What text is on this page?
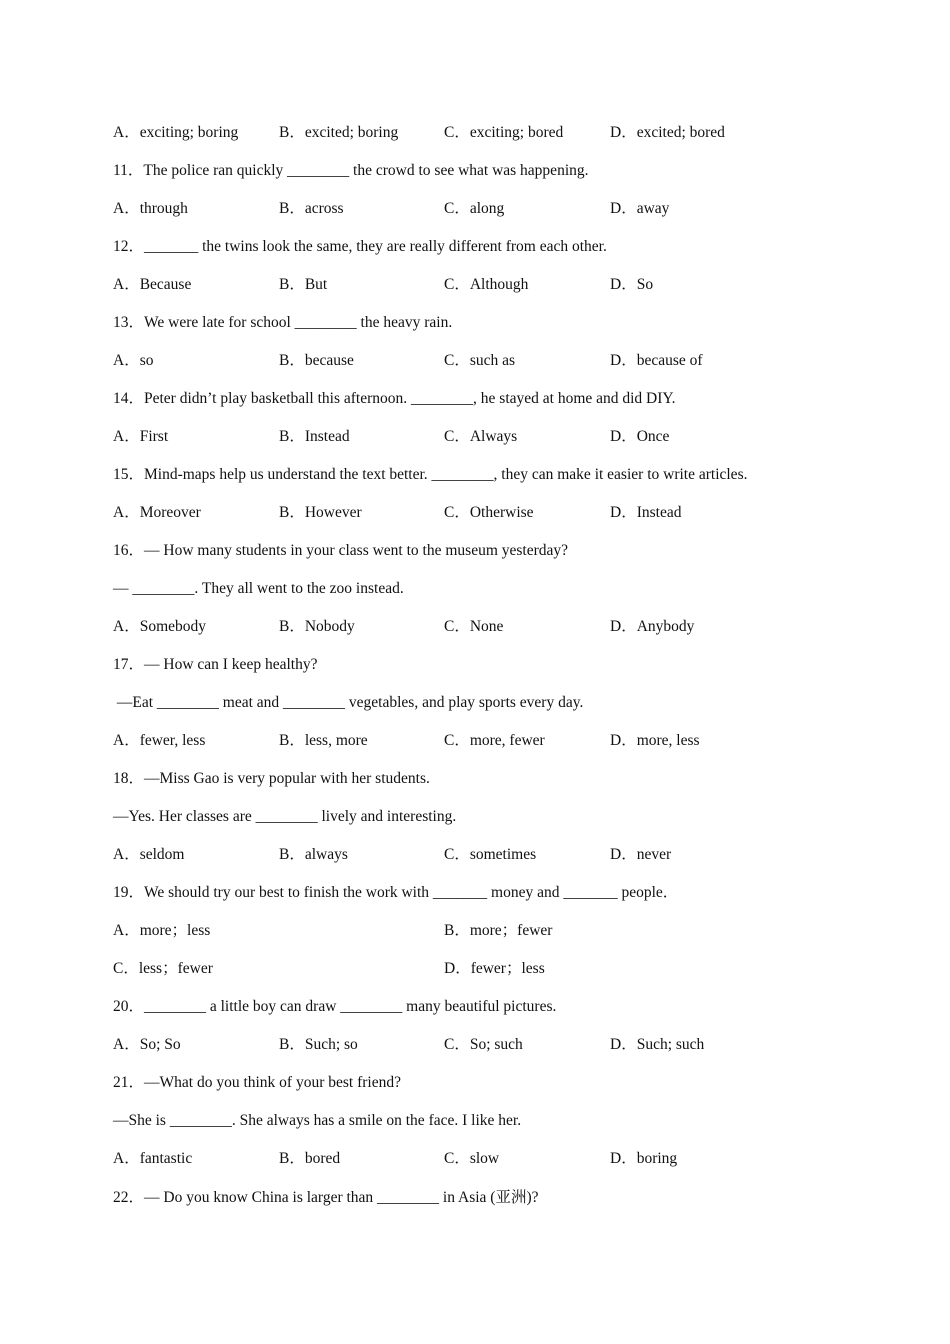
A．exciting; boring	B．excited; boring	C．exciting; bored	D．excited; bored
11．The police ran quickly ________ the crowd to see what was happening.
A．through	B．across	C．along	D．away
12．_______ the twins look the same, they are really different from each other.
A．Because	B．But	C．Although	D．So
13．We were late for school ________ the heavy rain.
A．so	B．because	C．such as	D．because of
14．Peter didn’t play basketball this afternoon. ________, he stayed at home and did DIY.
A．First	B．Instead	C．Always	D．Once
15．Mind-maps help us understand the text better. ________, they can make it easier to write articles.
A．Moreover	B．However	C．Otherwise	D．Instead
16．— How many students in your class went to the museum yesterday?
— ________. They all went to the zoo instead.
A．Somebody	B．Nobody	C．None	D．Anybody
17．— How can I keep healthy?
—Eat ________ meat and ________ vegetables, and play sports every day.
A．fewer, less	B．less, more	C．more, fewer	D．more, less
18．—Miss Gao is very popular with her students.
—Yes. Her classes are ________ lively and interesting.
A．seldom	B．always	C．sometimes	D．never
19．We should try our best to finish the work with _______ money and _______ people．
A．more；less	B．more；fewer
C．less；fewer	D．fewer；less
20．________ a little boy can draw ________ many beautiful pictures.
A．So; So	B．Such; so	C．So; such	D．Such; such
21．—What do you think of your best friend?
—She is ________. She always has a smile on the face. I like her.
A．fantastic	B．bored	C．slow	D．boring
22．— Do you know China is larger than ________ in Asia (亚洲)?
